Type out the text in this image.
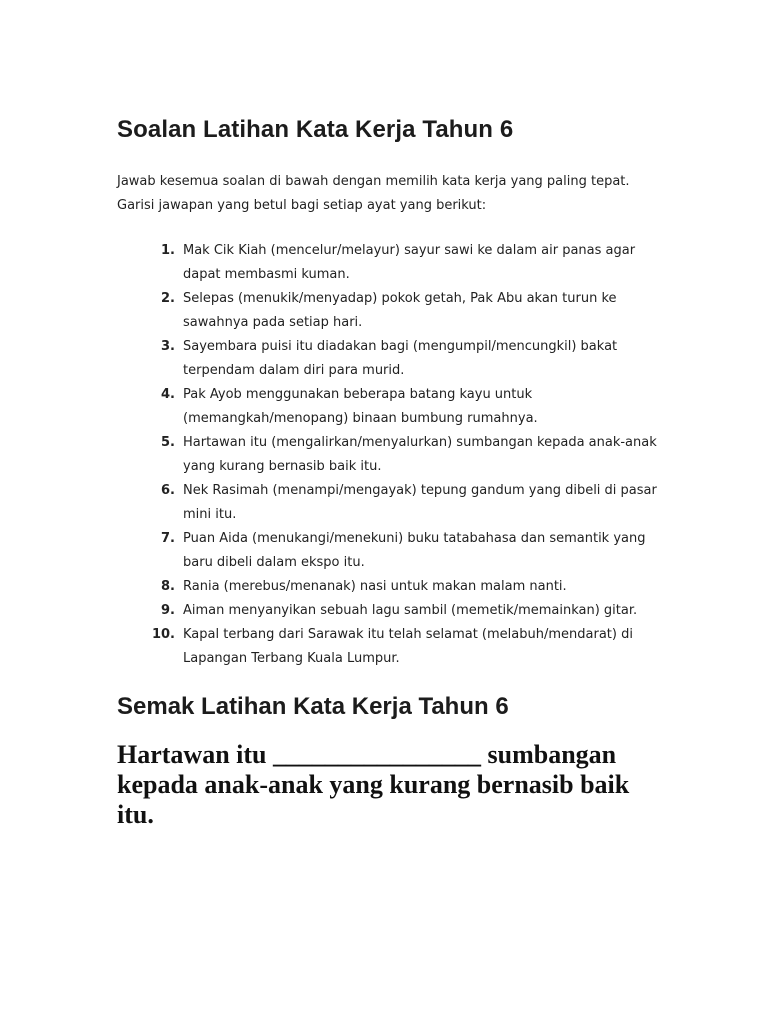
Soalan Latihan Kata Kerja Tahun 6

Jawab kesemua soalan di bawah dengan memilih kata kerja yang paling tepat. Garisi jawapan yang betul bagi setiap ayat yang berikut:

1. Mak Cik Kiah (mencelur/melayur) sayur sawi ke dalam air panas agar dapat membasmi kuman.
2. Selepas (menukik/menyadap) pokok getah, Pak Abu akan turun ke sawahnya pada setiap hari.
3. Sayembara puisi itu diadakan bagi (mengumpil/mencungkil) bakat terpendam dalam diri para murid.
4. Pak Ayob menggunakan beberapa batang kayu untuk (memangkah/menopang) binaan bumbung rumahnya.
5. Hartawan itu (mengalirkan/menyalurkan) sumbangan kepada anak-anak yang kurang bernasib baik itu.
6. Nek Rasimah (menampi/mengayak) tepung gandum yang dibeli di pasar mini itu.
7. Puan Aida (menukangi/menekuni) buku tatabahasa dan semantik yang baru dibeli dalam ekspo itu.
8. Rania (merebus/menanak) nasi untuk makan malam nanti.
9. Aiman menyanyikan sebuah lagu sambil (memetik/memainkan) gitar.
10. Kapal terbang dari Sarawak itu telah selamat (melabuh/mendarat) di Lapangan Terbang Kuala Lumpur.
Semak Latihan Kata Kerja Tahun 6

Hartawan itu ________________ sumbangan kepada anak-anak yang kurang bernasib baik itu.
